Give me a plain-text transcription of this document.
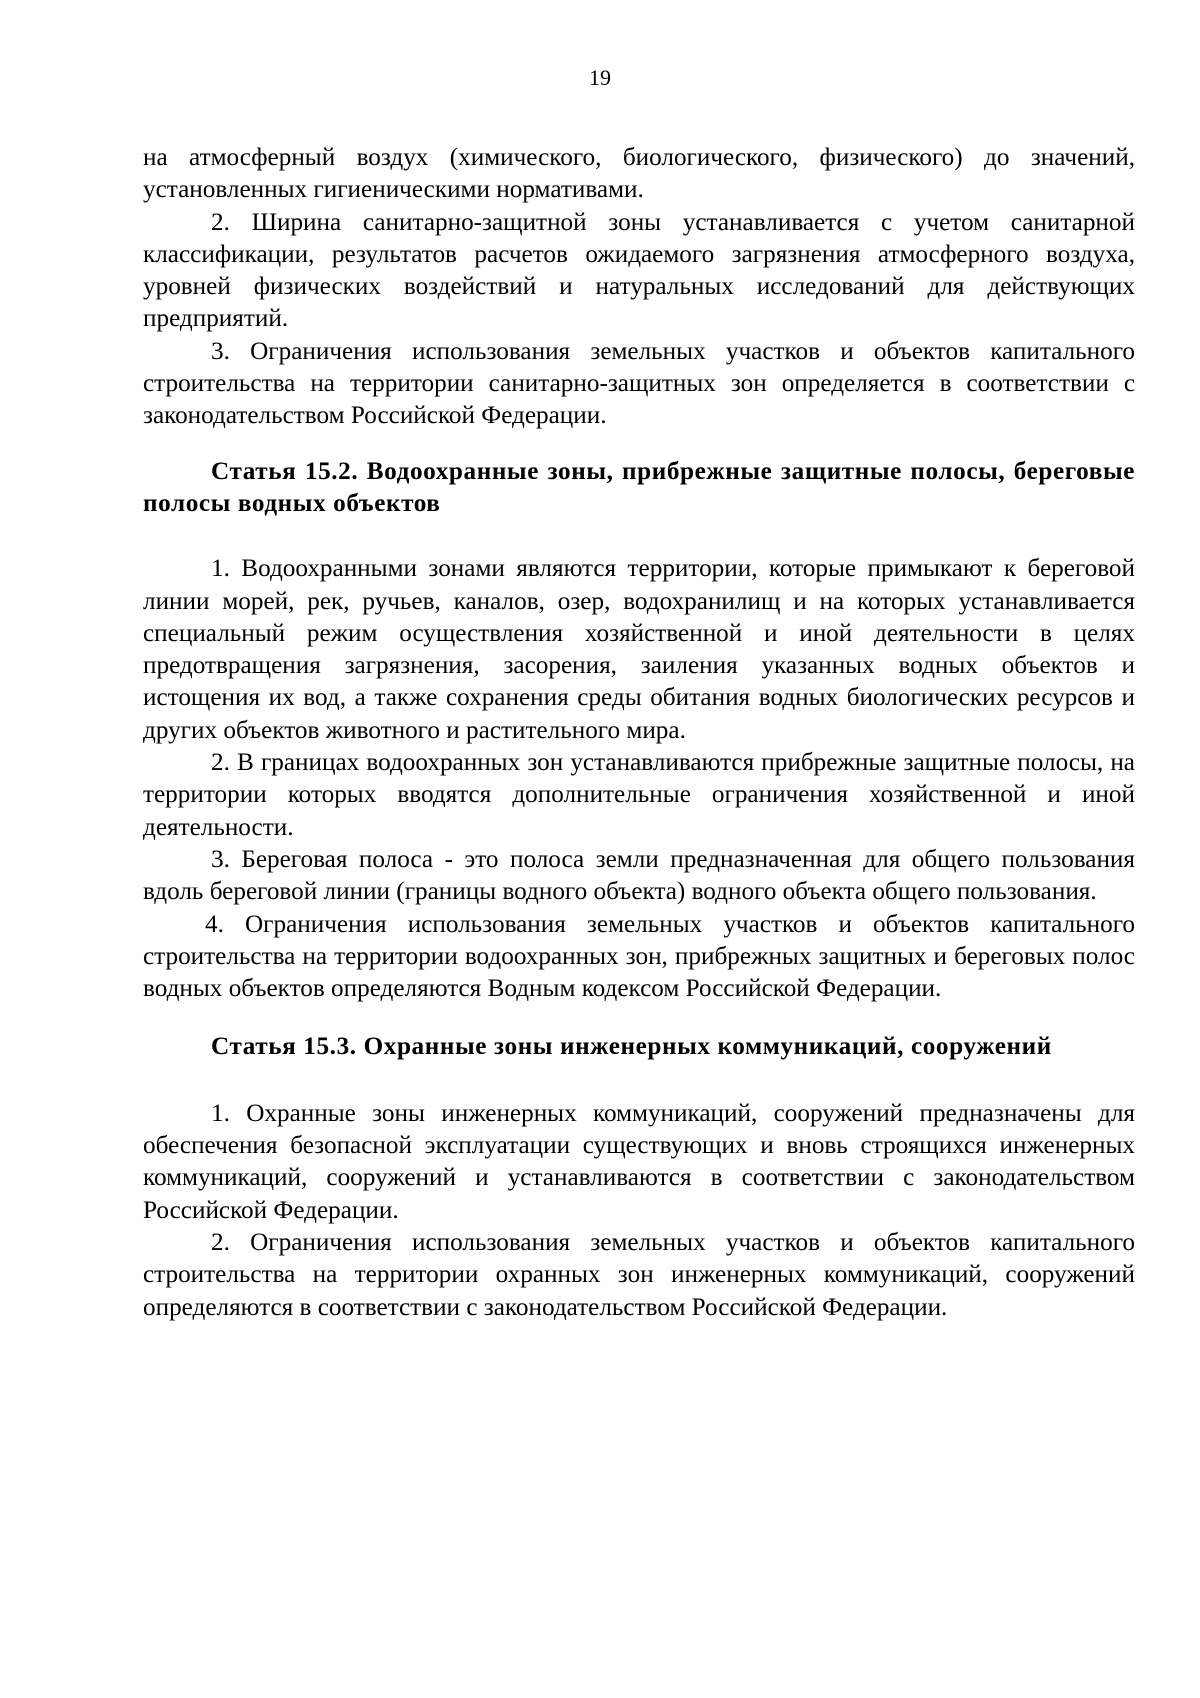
19

на атмосферный воздух (химического, биологического, физического) до значений, установленных гигиеническими нормативами.

2. Ширина санитарно-защитной зоны устанавливается с учетом санитарной классификации, результатов расчетов ожидаемого загрязнения атмосферного воздуха, уровней физических воздействий и натуральных исследований для действующих предприятий.

3. Ограничения использования земельных участков и объектов капитального строительства на территории санитарно-защитных зон определяется в соответствии с законодательством Российской Федерации.

Статья 15.2. Водоохранные зоны, прибрежные защитные полосы, береговые полосы водных объектов

1. Водоохранными зонами являются территории, которые примыкают к береговой линии морей, рек, ручьев, каналов, озер, водохранилищ и на которых устанавливается специальный режим осуществления хозяйственной и иной деятельности в целях предотвращения загрязнения, засорения, заиления указанных водных объектов и истощения их вод, а также сохранения среды обитания водных биологических ресурсов и других объектов животного и растительного мира.

2. В границах водоохранных зон устанавливаются прибрежные защитные полосы, на территории которых вводятся дополнительные ограничения хозяйственной и иной деятельности.

3. Береговая полоса - это полоса земли предназначенная для общего пользования вдоль береговой линии (границы водного объекта) водного объекта общего пользования.

4. Ограничения использования земельных участков и объектов капитального строительства на территории водоохранных зон, прибрежных защитных и береговых полос водных объектов определяются Водным кодексом Российской Федерации.

Статья 15.3. Охранные зоны инженерных коммуникаций, сооружений

1. Охранные зоны инженерных коммуникаций, сооружений предназначены для обеспечения безопасной эксплуатации существующих и вновь строящихся инженерных коммуникаций, сооружений и устанавливаются в соответствии с законодательством Российской Федерации.

2. Ограничения использования земельных участков и объектов капитального строительства на территории охранных зон инженерных коммуникаций, сооружений определяются в соответствии с законодательством Российской Федерации.
